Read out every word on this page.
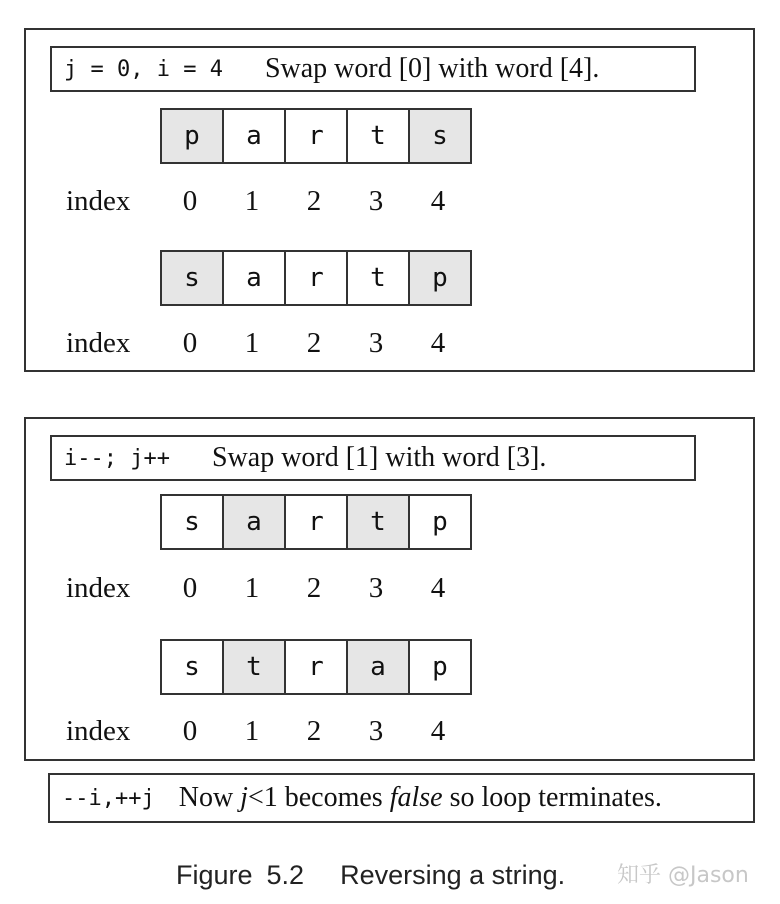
j = 0, i = 4 Swap word [0] with word [4].
p	a	r	t	s
index	0	1	2	3	4
s	a	r	t	p
index	0	1	2	3	4
i--; j++ Swap word [1] with word [3].
s	a	r	t	p
index	0	1	2	3	4
s	t	r	a	p
index	0	1	2	3	4
--i,++j Now j<1 becomes false so loop terminates.
Figure 5.2 Reversing a string. 知乎 @Jason
